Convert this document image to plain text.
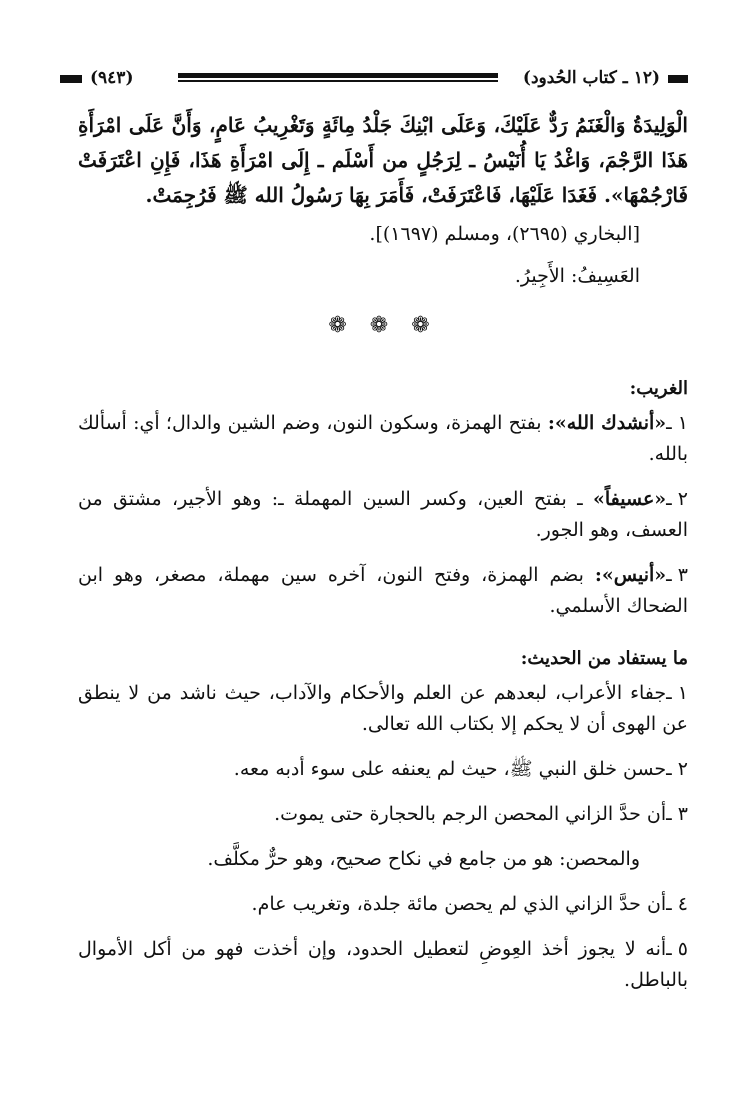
(١٢ ـ كتاب الحُدود)
(٩٤٣)

الْوَلِيدَةُ وَالْغَنَمُ رَدٌّ عَلَيْكَ، وَعَلَى ابْنِكَ جَلْدُ مِائَةٍ وَتَغْرِيبُ عَامٍ، وَأَنَّ عَلَى امْرَأَةِ هَذَا الرَّجْمَ، وَاغْدُ يَا أُنَيْسُ ـ لِرَجُلٍ من أَسْلَم ـ إِلَى امْرَأَةِ هَذَا، فَإِنِ اعْتَرَفَتْ فَارْجُمْهَا». فَغَدَا عَلَيْهَا، فَاعْتَرَفَتْ، فَأَمَرَ بِهَا رَسُولُ الله ﷺ فَرُجِمَتْ.

[البخاري (٢٦٩٥)، ومسلم (١٦٩٧)].

العَسِيفُ: الأَجِيرُ.

❁ ❁ ❁

الغريب:

١ ـ«أنشدك الله»: بفتح الهمزة، وسكون النون، وضم الشين والدال؛ أي: أسألك بالله.

٢ ـ«عسيفاً» ـ بفتح العين، وكسر السين المهملة ـ: وهو الأجير، مشتق من العسف، وهو الجور.

٣ ـ«أنيس»: بضم الهمزة، وفتح النون، آخره سين مهملة، مصغر، وهو ابن الضحاك الأسلمي.

ما يستفاد من الحديث:

١ ـجفاء الأعراب، لبعدهم عن العلم والأحكام والآداب، حيث ناشد من لا ينطق عن الهوى أن لا يحكم إلا بكتاب الله تعالى.

٢ ـحسن خلق النبي ﷺ، حيث لم يعنفه على سوء أدبه معه.

٣ ـأن حدَّ الزاني المحصن الرجم بالحجارة حتى يموت.

والمحصن: هو من جامع في نكاح صحيح، وهو حرٌّ مكلَّف.

٤ ـأن حدَّ الزاني الذي لم يحصن مائة جلدة، وتغريب عام.

٥ ـأنه لا يجوز أخذ العِوضِ لتعطيل الحدود، وإن أخذت فهو من أكل الأموال بالباطل.
